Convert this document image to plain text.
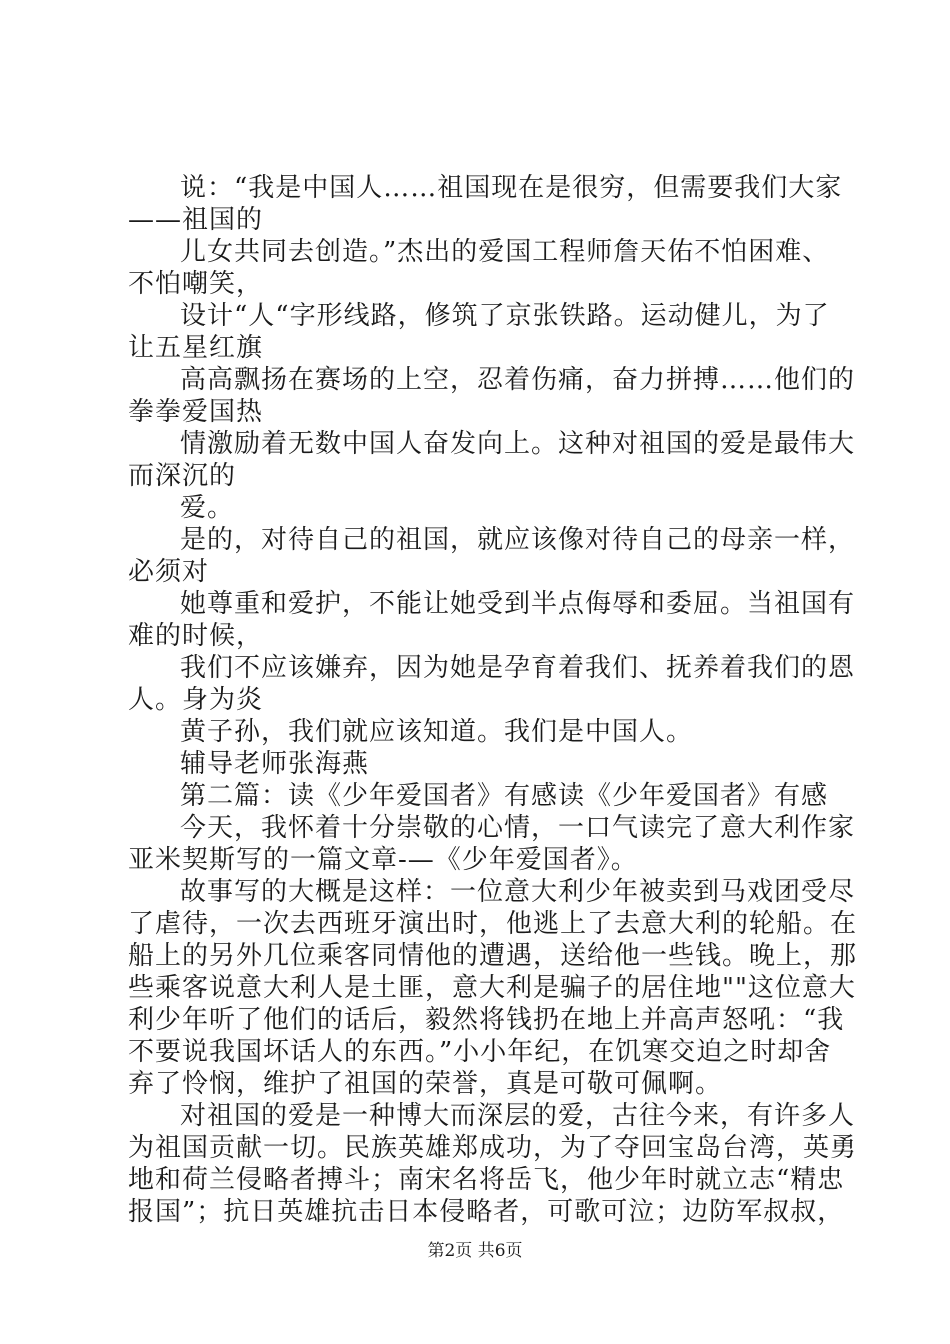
说：“我是中国人……祖国现在是很穷，但需要我们大家
——祖国的
儿女共同去创造。”杰出的爱国工程师詹天佑不怕困难、
不怕嘲笑，
设计“人“字形线路，修筑了京张铁路。运动健儿，为了
让五星红旗
高高飘扬在赛场的上空，忍着伤痛，奋力拼搏……他们的
拳拳爱国热
情激励着无数中国人奋发向上。这种对祖国的爱是最伟大
而深沉的
爱。
是的，对待自己的祖国，就应该像对待自己的母亲一样，
必须对
她尊重和爱护，不能让她受到半点侮辱和委屈。当祖国有
难的时候，
我们不应该嫌弃，因为她是孕育着我们、抚养着我们的恩
人。身为炎
黄子孙，我们就应该知道。我们是中国人。
辅导老师张海燕
第二篇：读《少年爱国者》有感读《少年爱国者》有感
今天，我怀着十分崇敬的心情，一口气读完了意大利作家
亚米契斯写的一篇文章-—《少年爱国者》。
故事写的大概是这样：一位意大利少年被卖到马戏团受尽
了虐待，一次去西班牙演出时，他逃上了去意大利的轮船。在
船上的另外几位乘客同情他的遭遇，送给他一些钱。晚上，那
些乘客说意大利人是土匪，意大利是骗子的居住地""这位意大
利少年听了他们的话后，毅然将钱扔在地上并高声怒吼：“我
不要说我国坏话人的东西。”小小年纪，在饥寒交迫之时却舍
弃了怜悯，维护了祖国的荣誉，真是可敬可佩啊。
对祖国的爱是一种博大而深层的爱，古往今来，有许多人
为祖国贡献一切。民族英雄郑成功，为了夺回宝岛台湾，英勇
地和荷兰侵略者搏斗；南宋名将岳飞，他少年时就立志“精忠
报国”；抗日英雄抗击日本侵略者，可歌可泣；边防军叔叔，
第2页 共6页
